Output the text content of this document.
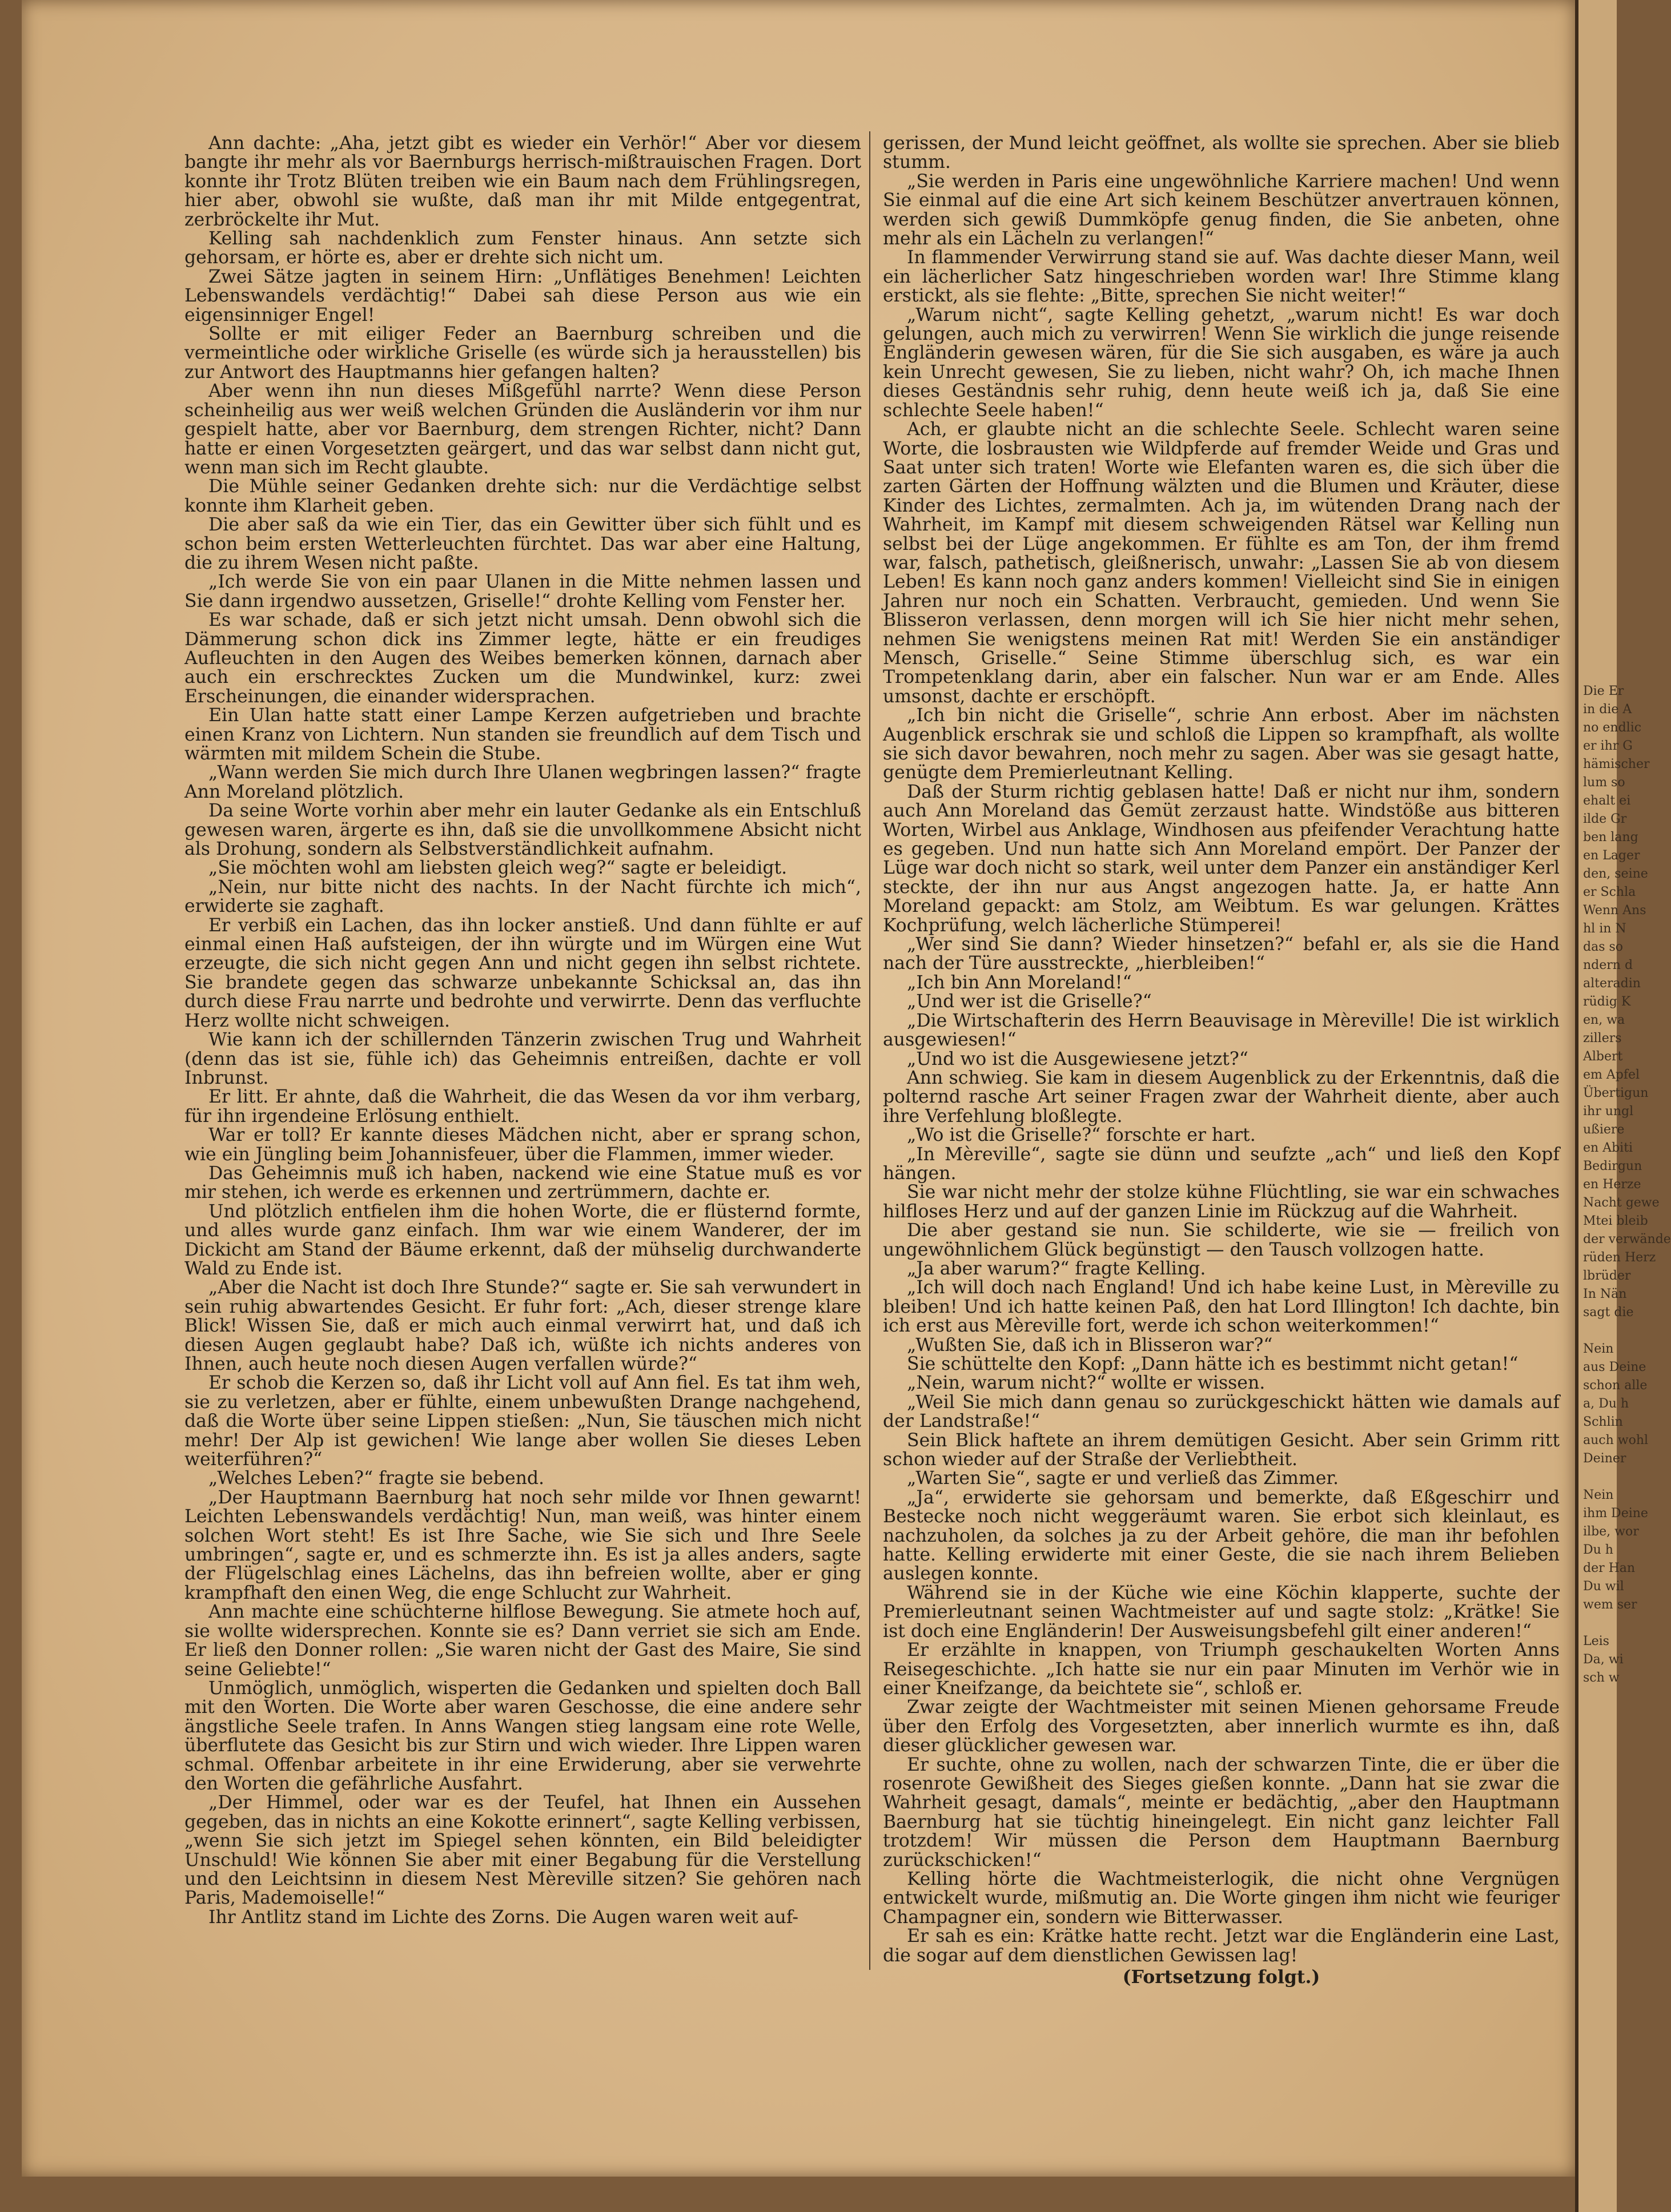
Ann dachte: „Aha, jetzt gibt es wieder ein Verhör!“ Aber vor diesem bangte ihr mehr als vor Baernburgs herrisch-mißtrauischen Fragen. Dort konnte ihr Trotz Blüten treiben wie ein Baum nach dem Frühlingsregen, hier aber, obwohl sie wußte, daß man ihr mit Milde entgegentrat, zerbröckelte ihr Mut.

Kelling sah nachdenklich zum Fenster hinaus. Ann setzte sich gehorsam, er hörte es, aber er drehte sich nicht um.

Zwei Sätze jagten in seinem Hirn: „Unflätiges Benehmen! Leichten Lebenswandels verdächtig!“ Dabei sah diese Person aus wie ein eigensinniger Engel!

Sollte er mit eiliger Feder an Baernburg schreiben und die vermeintliche oder wirkliche Griselle (es würde sich ja herausstellen) bis zur Antwort des Hauptmanns hier gefangen halten?

Aber wenn ihn nun dieses Mißgefühl narrte? Wenn diese Person scheinheilig aus wer weiß welchen Gründen die Ausländerin vor ihm nur gespielt hatte, aber vor Baernburg, dem strengen Richter, nicht? Dann hatte er einen Vorgesetzten geärgert, und das war selbst dann nicht gut, wenn man sich im Recht glaubte.

Die Mühle seiner Gedanken drehte sich: nur die Verdächtige selbst konnte ihm Klarheit geben.

Die aber saß da wie ein Tier, das ein Gewitter über sich fühlt und es schon beim ersten Wetterleuchten fürchtet. Das war aber eine Haltung, die zu ihrem Wesen nicht paßte.

„Ich werde Sie von ein paar Ulanen in die Mitte nehmen lassen und Sie dann irgendwo aussetzen, Griselle!“ drohte Kelling vom Fenster her.

Es war schade, daß er sich jetzt nicht umsah. Denn obwohl sich die Dämmerung schon dick ins Zimmer legte, hätte er ein freudiges Aufleuchten in den Augen des Weibes bemerken können, darnach aber auch ein erschrecktes Zucken um die Mundwinkel, kurz: zwei Erscheinungen, die einander widersprachen.

Ein Ulan hatte statt einer Lampe Kerzen aufgetrieben und brachte einen Kranz von Lichtern. Nun standen sie freundlich auf dem Tisch und wärmten mit mildem Schein die Stube.

„Wann werden Sie mich durch Ihre Ulanen wegbringen lassen?“ fragte Ann Moreland plötzlich.

Da seine Worte vorhin aber mehr ein lauter Gedanke als ein Entschluß gewesen waren, ärgerte es ihn, daß sie die unvollkommene Absicht nicht als Drohung, sondern als Selbstverständlichkeit aufnahm.

„Sie möchten wohl am liebsten gleich weg?“ sagte er beleidigt.

„Nein, nur bitte nicht des nachts. In der Nacht fürchte ich mich“, erwiderte sie zaghaft.

Er verbiß ein Lachen, das ihn locker anstieß. Und dann fühlte er auf einmal einen Haß aufsteigen, der ihn würgte und im Würgen eine Wut erzeugte, die sich nicht gegen Ann und nicht gegen ihn selbst richtete. Sie brandete gegen das schwarze unbekannte Schicksal an, das ihn durch diese Frau narrte und bedrohte und verwirrte. Denn das verfluchte Herz wollte nicht schweigen.

Wie kann ich der schillernden Tänzerin zwischen Trug und Wahrheit (denn das ist sie, fühle ich) das Geheimnis entreißen, dachte er voll Inbrunst.

Er litt. Er ahnte, daß die Wahrheit, die das Wesen da vor ihm verbarg, für ihn irgendeine Erlösung enthielt.

War er toll? Er kannte dieses Mädchen nicht, aber er sprang schon, wie ein Jüngling beim Johannisfeuer, über die Flammen, immer wieder.

Das Geheimnis muß ich haben, nackend wie eine Statue muß es vor mir stehen, ich werde es erkennen und zertrümmern, dachte er.

Und plötzlich entfielen ihm die hohen Worte, die er flüsternd formte, und alles wurde ganz einfach. Ihm war wie einem Wanderer, der im Dickicht am Stand der Bäume erkennt, daß der mühselig durchwanderte Wald zu Ende ist.

„Aber die Nacht ist doch Ihre Stunde?“ sagte er. Sie sah verwundert in sein ruhig abwartendes Gesicht. Er fuhr fort: „Ach, dieser strenge klare Blick! Wissen Sie, daß er mich auch einmal verwirrt hat, und daß ich diesen Augen geglaubt habe? Daß ich, wüßte ich nichts anderes von Ihnen, auch heute noch diesen Augen verfallen würde?“

Er schob die Kerzen so, daß ihr Licht voll auf Ann fiel. Es tat ihm weh, sie zu verletzen, aber er fühlte, einem unbewußten Drange nachgehend, daß die Worte über seine Lippen stießen: „Nun, Sie täuschen mich nicht mehr! Der Alp ist gewichen! Wie lange aber wollen Sie dieses Leben weiterführen?“

„Welches Leben?“ fragte sie bebend.

„Der Hauptmann Baernburg hat noch sehr milde vor Ihnen gewarnt! Leichten Lebenswandels verdächtig! Nun, man weiß, was hinter einem solchen Wort steht! Es ist Ihre Sache, wie Sie sich und Ihre Seele umbringen“, sagte er, und es schmerzte ihn. Es ist ja alles anders, sagte der Flügelschlag eines Lächelns, das ihn befreien wollte, aber er ging krampfhaft den einen Weg, die enge Schlucht zur Wahrheit.

Ann machte eine schüchterne hilflose Bewegung. Sie atmete hoch auf, sie wollte widersprechen. Konnte sie es? Dann verriet sie sich am Ende. Er ließ den Donner rollen: „Sie waren nicht der Gast des Maire, Sie sind seine Geliebte!“

Unmöglich, unmöglich, wisperten die Gedanken und spielten doch Ball mit den Worten. Die Worte aber waren Geschosse, die eine andere sehr ängstliche Seele trafen. In Anns Wangen stieg langsam eine rote Welle, überflutete das Gesicht bis zur Stirn und wich wieder. Ihre Lippen waren schmal. Offenbar arbeitete in ihr eine Erwiderung, aber sie verwehrte den Worten die gefährliche Ausfahrt.

„Der Himmel, oder war es der Teufel, hat Ihnen ein Aussehen gegeben, das in nichts an eine Kokotte erinnert“, sagte Kelling verbissen, „wenn Sie sich jetzt im Spiegel sehen könnten, ein Bild beleidigter Unschuld! Wie können Sie aber mit einer Begabung für die Verstellung und den Leichtsinn in diesem Nest Mèreville sitzen? Sie gehören nach Paris, Mademoiselle!“

Ihr Antlitz stand im Lichte des Zorns. Die Augen waren weit auf-

gerissen, der Mund leicht geöffnet, als wollte sie sprechen. Aber sie blieb stumm.

„Sie werden in Paris eine ungewöhnliche Karriere machen! Und wenn Sie einmal auf die eine Art sich keinem Beschützer anvertrauen können, werden sich gewiß Dummköpfe genug finden, die Sie anbeten, ohne mehr als ein Lächeln zu verlangen!“

In flammender Verwirrung stand sie auf. Was dachte dieser Mann, weil ein lächerlicher Satz hingeschrieben worden war! Ihre Stimme klang erstickt, als sie flehte: „Bitte, sprechen Sie nicht weiter!“

„Warum nicht“, sagte Kelling gehetzt, „warum nicht! Es war doch gelungen, auch mich zu verwirren! Wenn Sie wirklich die junge reisende Engländerin gewesen wären, für die Sie sich ausgaben, es wäre ja auch kein Unrecht gewesen, Sie zu lieben, nicht wahr? Oh, ich mache Ihnen dieses Geständnis sehr ruhig, denn heute weiß ich ja, daß Sie eine schlechte Seele haben!“

Ach, er glaubte nicht an die schlechte Seele. Schlecht waren seine Worte, die losbrausten wie Wildpferde auf fremder Weide und Gras und Saat unter sich traten! Worte wie Elefanten waren es, die sich über die zarten Gärten der Hoffnung wälzten und die Blumen und Kräuter, diese Kinder des Lichtes, zermalmten. Ach ja, im wütenden Drang nach der Wahrheit, im Kampf mit diesem schweigenden Rätsel war Kelling nun selbst bei der Lüge angekommen. Er fühlte es am Ton, der ihm fremd war, falsch, pathetisch, gleißnerisch, unwahr: „Lassen Sie ab von diesem Leben! Es kann noch ganz anders kommen! Vielleicht sind Sie in einigen Jahren nur noch ein Schatten. Verbraucht, gemieden. Und wenn Sie Blisseron verlassen, denn morgen will ich Sie hier nicht mehr sehen, nehmen Sie wenigstens meinen Rat mit! Werden Sie ein anständiger Mensch, Griselle.“ Seine Stimme überschlug sich, es war ein Trompetenklang darin, aber ein falscher. Nun war er am Ende. Alles umsonst, dachte er erschöpft.

„Ich bin nicht die Griselle“, schrie Ann erbost. Aber im nächsten Augenblick erschrak sie und schloß die Lippen so krampfhaft, als wollte sie sich davor bewahren, noch mehr zu sagen. Aber was sie gesagt hatte, genügte dem Premierleutnant Kelling.

Daß der Sturm richtig geblasen hatte! Daß er nicht nur ihm, sondern auch Ann Moreland das Gemüt zerzaust hatte. Windstöße aus bitteren Worten, Wirbel aus Anklage, Windhosen aus pfeifender Verachtung hatte es gegeben. Und nun hatte sich Ann Moreland empört. Der Panzer der Lüge war doch nicht so stark, weil unter dem Panzer ein anständiger Kerl steckte, der ihn nur aus Angst angezogen hatte. Ja, er hatte Ann Moreland gepackt: am Stolz, am Weibtum. Es war gelungen. Krättes Kochprüfung, welch lächerliche Stümperei!

„Wer sind Sie dann? Wieder hinsetzen?“ befahl er, als sie die Hand nach der Türe ausstreckte, „hierbleiben!“

„Ich bin Ann Moreland!“

„Und wer ist die Griselle?“

„Die Wirtschafterin des Herrn Beauvisage in Mèreville! Die ist wirklich ausgewiesen!“

„Und wo ist die Ausgewiesene jetzt?“

Ann schwieg. Sie kam in diesem Augenblick zu der Erkenntnis, daß die polternd rasche Art seiner Fragen zwar der Wahrheit diente, aber auch ihre Verfehlung bloßlegte.

„Wo ist die Griselle?“ forschte er hart.

„In Mèreville“, sagte sie dünn und seufzte „ach“ und ließ den Kopf hängen.

Sie war nicht mehr der stolze kühne Flüchtling, sie war ein schwaches hilfloses Herz und auf der ganzen Linie im Rückzug auf die Wahrheit.

Die aber gestand sie nun. Sie schilderte, wie sie — freilich von ungewöhnlichem Glück begünstigt — den Tausch vollzogen hatte.

„Ja aber warum?“ fragte Kelling.

„Ich will doch nach England! Und ich habe keine Lust, in Mèreville zu bleiben! Und ich hatte keinen Paß, den hat Lord Illington! Ich dachte, bin ich erst aus Mèreville fort, werde ich schon weiterkommen!“

„Wußten Sie, daß ich in Blisseron war?“

Sie schüttelte den Kopf: „Dann hätte ich es bestimmt nicht getan!“

„Nein, warum nicht?“ wollte er wissen.

„Weil Sie mich dann genau so zurückgeschickt hätten wie damals auf der Landstraße!“

Sein Blick haftete an ihrem demütigen Gesicht. Aber sein Grimm ritt schon wieder auf der Straße der Verliebtheit.

„Warten Sie“, sagte er und verließ das Zimmer.

„Ja“, erwiderte sie gehorsam und bemerkte, daß Eßgeschirr und Bestecke noch nicht weggeräumt waren. Sie erbot sich kleinlaut, es nachzuholen, da solches ja zu der Arbeit gehöre, die man ihr befohlen hatte. Kelling erwiderte mit einer Geste, die sie nach ihrem Belieben auslegen konnte.

Während sie in der Küche wie eine Köchin klapperte, suchte der Premierleutnant seinen Wachtmeister auf und sagte stolz: „Krätke! Sie ist doch eine Engländerin! Der Ausweisungsbefehl gilt einer anderen!“

Er erzählte in knappen, von Triumph geschaukelten Worten Anns Reisegeschichte. „Ich hatte sie nur ein paar Minuten im Verhör wie in einer Kneifzange, da beichtete sie“, schloß er.

Zwar zeigte der Wachtmeister mit seinen Mienen gehorsame Freude über den Erfolg des Vorgesetzten, aber innerlich wurmte es ihn, daß dieser glücklicher gewesen war.

Er suchte, ohne zu wollen, nach der schwarzen Tinte, die er über die rosenrote Gewißheit des Sieges gießen konnte. „Dann hat sie zwar die Wahrheit gesagt, damals“, meinte er bedächtig, „aber den Hauptmann Baernburg hat sie tüchtig hineingelegt. Ein nicht ganz leichter Fall trotzdem! Wir müssen die Person dem Hauptmann Baernburg zurückschicken!“

Kelling hörte die Wachtmeisterlogik, die nicht ohne Vergnügen entwickelt wurde, mißmutig an. Die Worte gingen ihm nicht wie feuriger Champagner ein, sondern wie Bitterwasser.

Er sah es ein: Krätke hatte recht. Jetzt war die Engländerin eine Last, die sogar auf dem dienstlichen Gewissen lag!

(Fortsetzung folgt.)

Die Er
in die A
no endlic
er ihr G
hämischer
lum so
ehalt ei
ilde Gr
ben lang
en Lager
den, seine
er Schla
Wenn Ans
hl in N
das so
ndern d
alteradin
rüdig K
en, wa
zillers
Albert
em Apfel
Übertigun
ihr ungl
ußiere
en Abiti
Bedirgun
en Herze
Nacht gewe
Mtei bleib
der verwände
rüden Herz
lbrüder
In Nän
sagt die
Nein
aus Deine
schon alle
a, Du h
Schlin
auch wohl
Deiner
Nein
ihm Deine
ilbe, wor
Du h
der Han
Du wil
wem ser
Leis
Da, wi
sch w
